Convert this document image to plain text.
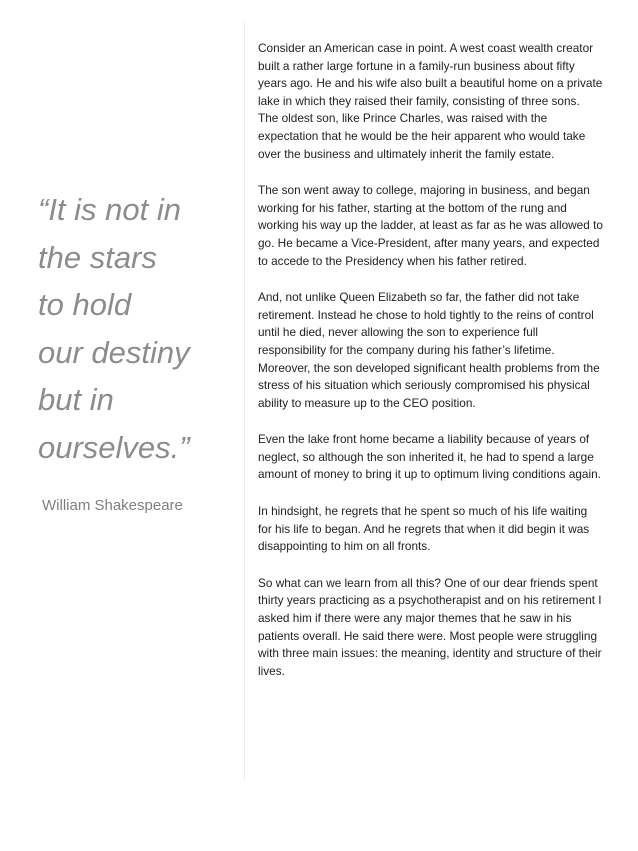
“It is not in
the stars
to hold
our destiny
but in
ourselves.”

William Shakespeare

Consider an American case in point. A west coast wealth creator built a rather large fortune in a family-run business about fifty years ago. He and his wife also built a beautiful home on a private lake in which they raised their family, consisting of three sons. The oldest son, like Prince Charles, was raised with the expectation that he would be the heir apparent who would take over the business and ultimately inherit the family estate.

The son went away to college, majoring in business, and began working for his father, starting at the bottom of the rung and working his way up the ladder, at least as far as he was allowed to go. He became a Vice-President, after many years, and expected to accede to the Presidency when his father retired.

And, not unlike Queen Elizabeth so far, the father did not take retirement. Instead he chose to hold tightly to the reins of control until he died, never allowing the son to experience full responsibility for the company during his father’s lifetime. Moreover, the son developed significant health problems from the stress of his situation which seriously compromised his physical ability to measure up to the CEO position.

Even the lake front home became a liability because of years of neglect, so although the son inherited it, he had to spend a large amount of money to bring it up to optimum living conditions again.

In hindsight, he regrets that he spent so much of his life waiting for his life to began. And he regrets that when it did begin it was disappointing to him on all fronts.

So what can we learn from all this? One of our dear friends spent thirty years practicing as a psychotherapist and on his retirement I asked him if there were any major themes that he saw in his patients overall. He said there were. Most people were struggling with three main issues: the meaning, identity and structure of their lives.
